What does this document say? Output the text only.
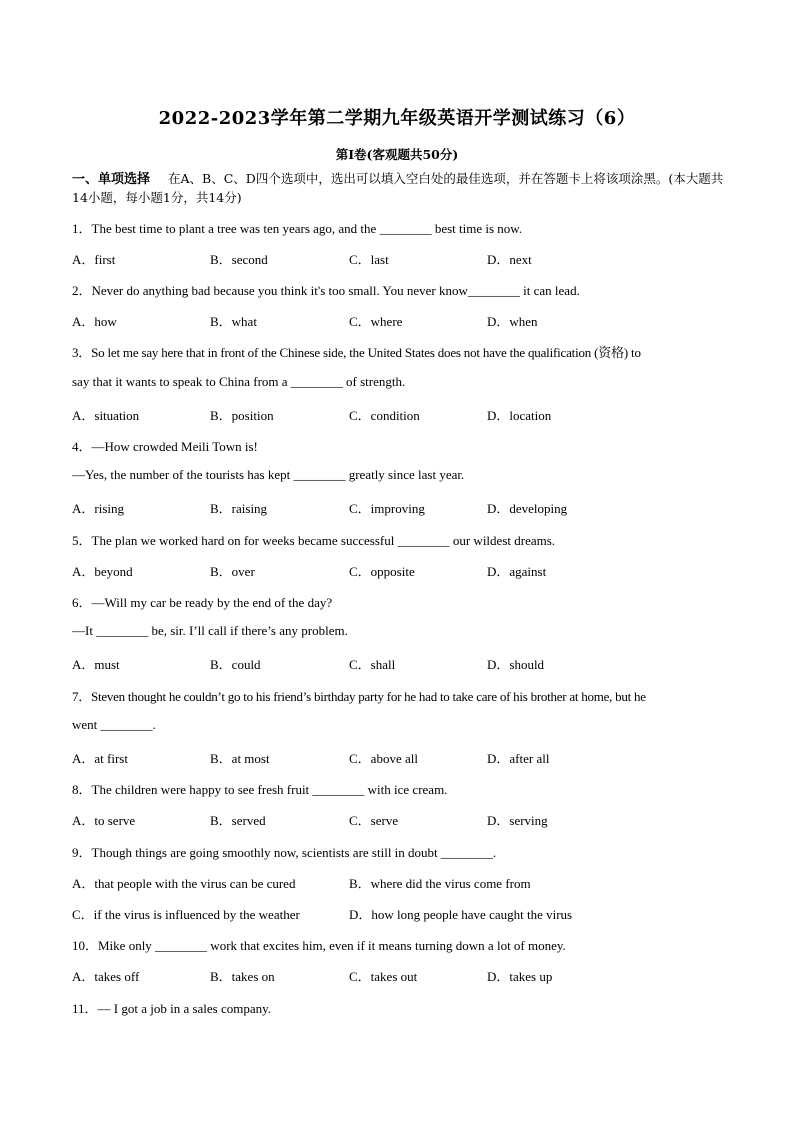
2022-2023学年第二学期九年级英语开学测试练习（6）
第I卷(客观题共50分)
一、单项选择 在A、B、C、D四个选项中，选出可以填入空白处的最佳选项，并在答题卡上将该项涂黑。(本大题共14小题，每小题1分，共14分)
1．The best time to plant a tree was ten years ago, and the ________ best time is now.
A．first	B．second	C．last	D．next
2．Never do anything bad because you think it's too small. You never know________ it can lead.
A．how	B．what	C．where	D．when
3．So let me say here that in front of the Chinese side, the United States does not have the qualification (资格) to
say that it wants to speak to China from a ________ of strength.
A．situation	B．position	C．condition	D．location
4．—How crowded Meili Town is!
—Yes, the number of the tourists has kept ________ greatly since last year.
A．rising	B．raising	C．improving	D．developing
5．The plan we worked hard on for weeks became successful ________ our wildest dreams.
A．beyond	B．over	C．opposite	D．against
6．—Will my car be ready by the end of the day?
—It ________ be, sir. I’ll call if there’s any problem.
A．must	B．could	C．shall	D．should
7．Steven thought he couldn’t go to his friend’s birthday party for he had to take care of his brother at home, but he
went ________.
A．at first	B．at most	C．above all	D．after all
8．The children were happy to see fresh fruit ________ with ice cream.
A．to serve	B．served	C．serve	D．serving
9．Though things are going smoothly now, scientists are still in doubt ________.
A．that people with the virus can be cured	B．where did the virus come from
C．if the virus is influenced by the weather	D．how long people have caught the virus
10．Mike only ________ work that excites him, even if it means turning down a lot of money.
A．takes off	B．takes on	C．takes out	D．takes up
11．— I got a job in a sales company.
